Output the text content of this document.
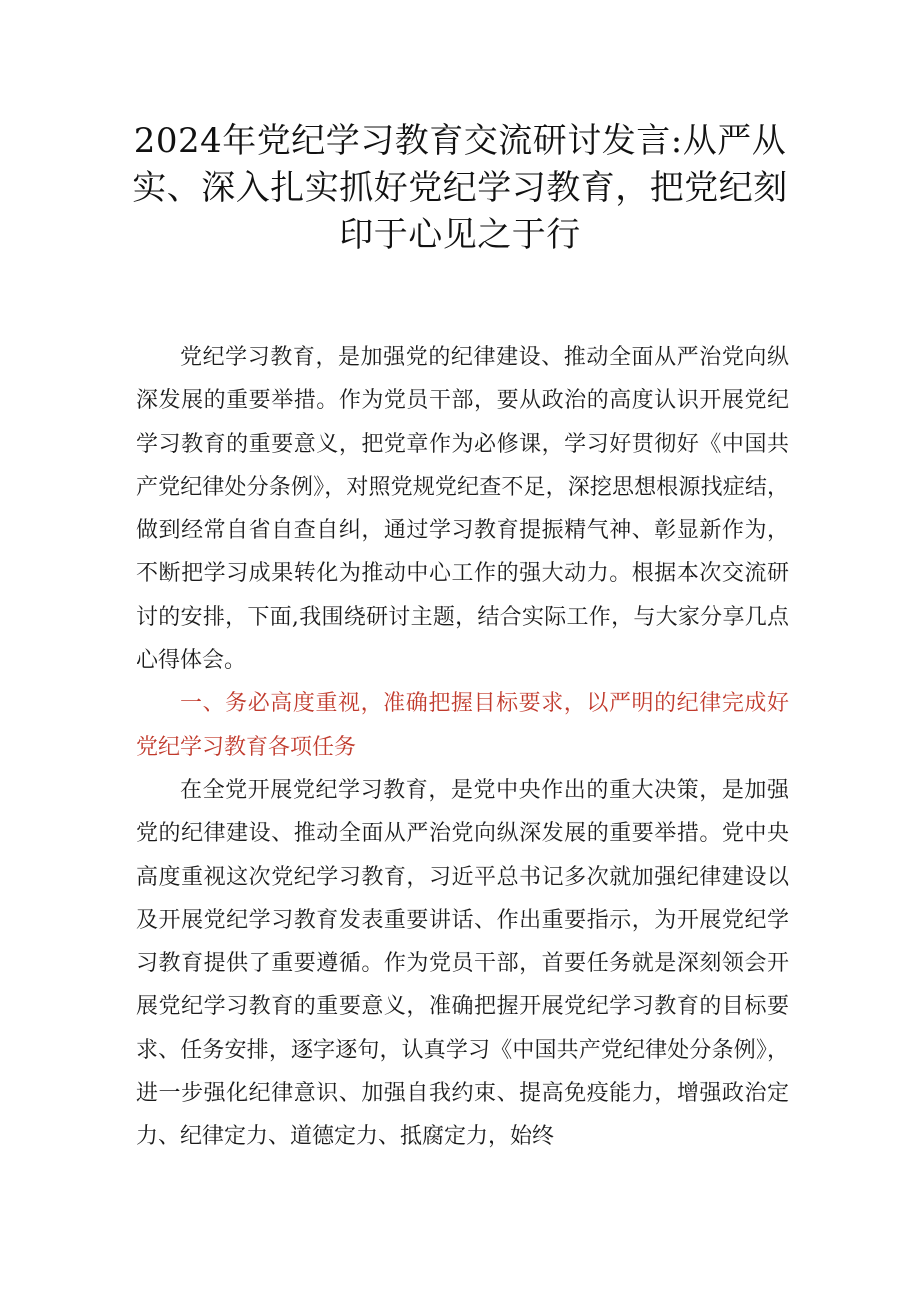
2024年党纪学习教育交流研讨发言:从严从实、深入扎实抓好党纪学习教育，把党纪刻印于心见之于行

党纪学习教育，是加强党的纪律建设、推动全面从严治党向纵深发展的重要举措。作为党员干部，要从政治的高度认识开展党纪学习教育的重要意义，把党章作为必修课，学习好贯彻好《中国共产党纪律处分条例》，对照党规党纪查不足，深挖思想根源找症结，做到经常自省自查自纠，通过学习教育提振精气神、彰显新作为，不断把学习成果转化为推动中心工作的强大动力。根据本次交流研讨的安排，下面,我围绕研讨主题，结合实际工作，与大家分享几点心得体会。

一、务必高度重视，准确把握目标要求，以严明的纪律完成好党纪学习教育各项任务

在全党开展党纪学习教育，是党中央作出的重大决策，是加强党的纪律建设、推动全面从严治党向纵深发展的重要举措。党中央高度重视这次党纪学习教育，习近平总书记多次就加强纪律建设以及开展党纪学习教育发表重要讲话、作出重要指示，为开展党纪学习教育提供了重要遵循。作为党员干部，首要任务就是深刻领会开展党纪学习教育的重要意义，准确把握开展党纪学习教育的目标要求、任务安排，逐字逐句，认真学习《中国共产党纪律处分条例》，进一步强化纪律意识、加强自我约束、提高免疫能力，增强政治定力、纪律定力、道德定力、抵腐定力，始终
